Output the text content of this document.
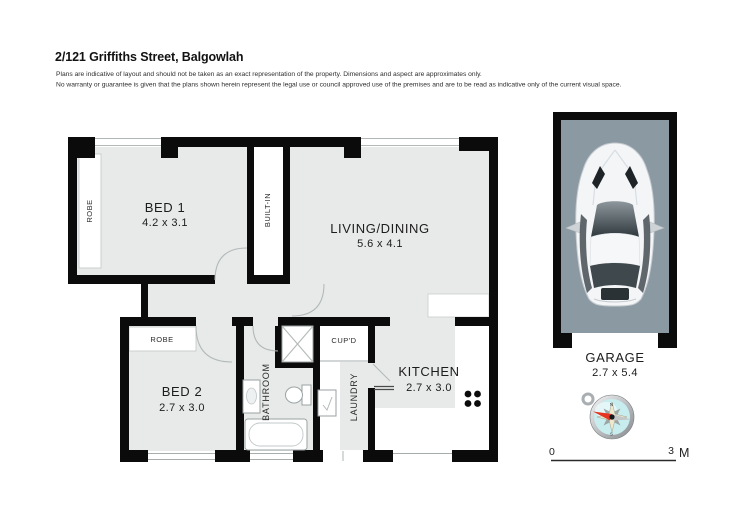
2/121 Griffiths Street, Balgowlah
Plans are indicative of layout and should not be taken as an exact representation of the property. Dimensions and aspect are approximates only.
No warranty or guarantee is given that the plans shown herein represent the legal use or council approved use of the premises and are to be read as indicative only of the current visual space.
BED 1
4.2 x 3.1	LIVING/DINING
5.6 x 4.1
BED 2
2.7 x 3.0
KITCHEN
2.7 x 3.0
ROBE	BUILT-IN
ROBE	CUP'D
BATHROOM	LAUNDRY
GARAGE
2.7 x 5.4
N
S
0	3 M
